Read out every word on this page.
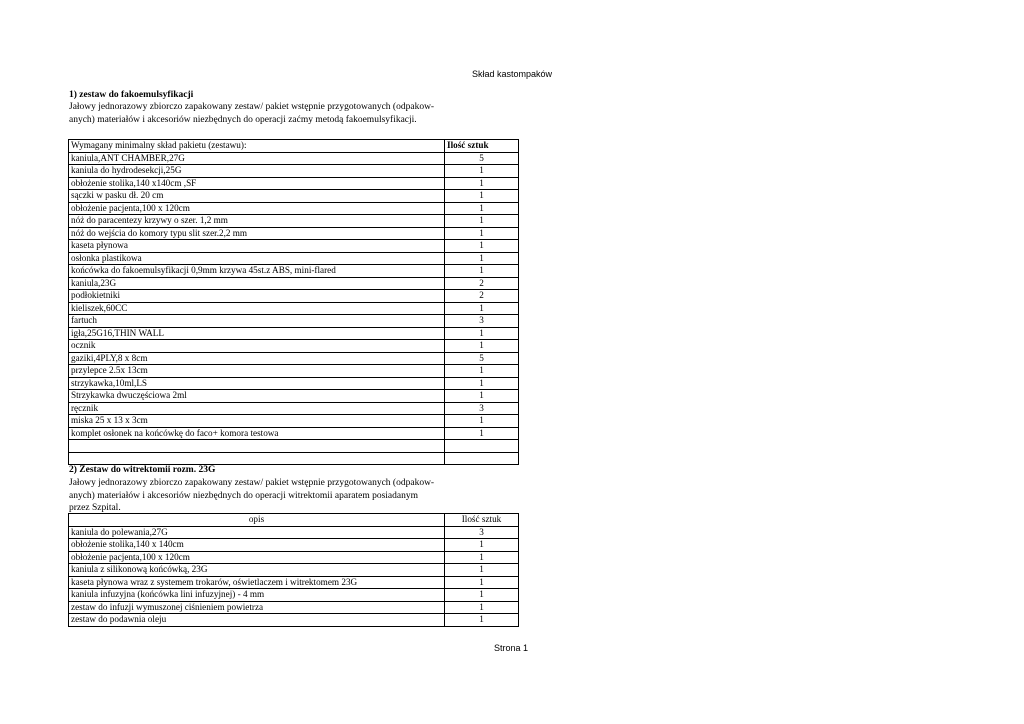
Skład kastompaków
1) zestaw do fakoemulsyfikacji
Jałowy jednorazowy zbiorczo zapakowany zestaw/ pakiet wstępnie przygotowanych (odpakow-
anych) materiałów i akcesoriów niezbędnych do operacji zaćmy metodą fakoemulsyfikacji.
Wymagany minimalny skład pakietu (zestawu):	Ilość sztuk
kaniula,ANT CHAMBER,27G	5
kaniula do hydrodesekcji,25G	1
obłożenie stolika,140 x140cm ,SF	1
sączki w pasku dł. 20 cm	1
obłożenie pacjenta,100 x 120cm	1
nóż do paracentezy krzywy o szer. 1,2 mm	1
nóż do wejścia do komory typu slit szer.2,2 mm	1
kaseta płynowa	1
osłonka plastikowa	1
końcówka do fakoemulsyfikacji 0,9mm krzywa 45st.z ABS, mini-flared	1
kaniula,23G	2
podłokietniki	2
kieliszek,60CC	1
fartuch	3
igła,25G16,THIN WALL	1
ocznik	1
gaziki,4PLY,8 x 8cm	5
przylepce 2.5x 13cm	1
strzykawka,10ml,LS	1
Strzykawka dwuczęściowa 2ml	1
ręcznik	3
miska 25 x 13 x 3cm	1
komplet osłonek na końcówkę do faco+ komora testowa	1

2) Zestaw do witrektomii rozm. 23G
Jałowy jednorazowy zbiorczo zapakowany zestaw/ pakiet wstępnie przygotowanych (odpakow-
anych) materiałów i akcesoriów niezbędnych do operacji witrektomii aparatem posiadanym
przez Szpital.
opis	Ilość sztuk
kaniula do polewania,27G	3
obłożenie stolika,140 x 140cm	1
obłożenie pacjenta,100 x 120cm	1
kaniula z silikonową końcówką, 23G	1
kaseta płynowa wraz z systemem trokarów, oświetlaczem i witrektomem 23G	1
kaniula infuzyjna (końcówka lini infuzyjnej) - 4 mm	1
zestaw do infuzji wymuszonej ciśnieniem powietrza	1
zestaw do podawnia oleju	1
Strona 1
